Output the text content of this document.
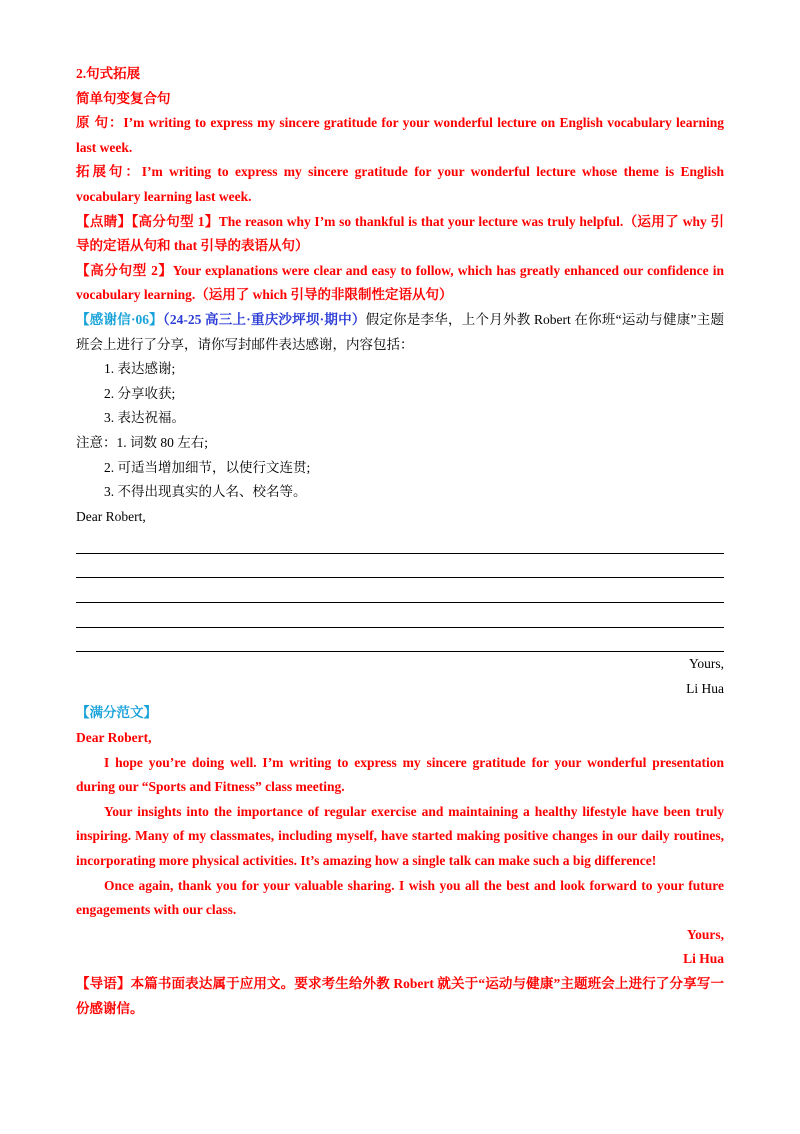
2.句式拓展

简单句变复合句

原 句：I’m writing to express my sincere gratitude for your wonderful lecture on English vocabulary learning last week.

拓展句：I’m writing to express my sincere gratitude for your wonderful lecture whose theme is English vocabulary learning last week.

【点睛】【高分句型 1】The reason why I’m so thankful is that your lecture was truly helpful.（运用了 why 引导的定语从句和 that 引导的表语从句）

【高分句型 2】Your explanations were clear and easy to follow, which has greatly enhanced our confidence in vocabulary learning.（运用了 which 引导的非限制性定语从句）

【感谢信·06】（24-25 高三上·重庆沙坪坝·期中）假定你是李华，上个月外教 Robert 在你班“运动与健康”主题班会上进行了分享，请你写封邮件表达感谢，内容包括：

1. 表达感谢;

2. 分享收获;

3. 表达祝福。

注意：1. 词数 80 左右;

2. 可适当增加细节，以使行文连贯;

3. 不得出现真实的人名、校名等。

Dear Robert,

Yours,

Li Hua

【满分范文】

Dear Robert,

I hope you’re doing well. I’m writing to express my sincere gratitude for your wonderful presentation during our “Sports and Fitness” class meeting.

Your insights into the importance of regular exercise and maintaining a healthy lifestyle have been truly inspiring. Many of my classmates, including myself, have started making positive changes in our daily routines, incorporating more physical activities. It’s amazing how a single talk can make such a big difference!

Once again, thank you for your valuable sharing. I wish you all the best and look forward to your future engagements with our class.

Yours,

Li Hua

【导语】本篇书面表达属于应用文。要求考生给外教 Robert 就关于“运动与健康”主题班会上进行了分享写一份感谢信。
